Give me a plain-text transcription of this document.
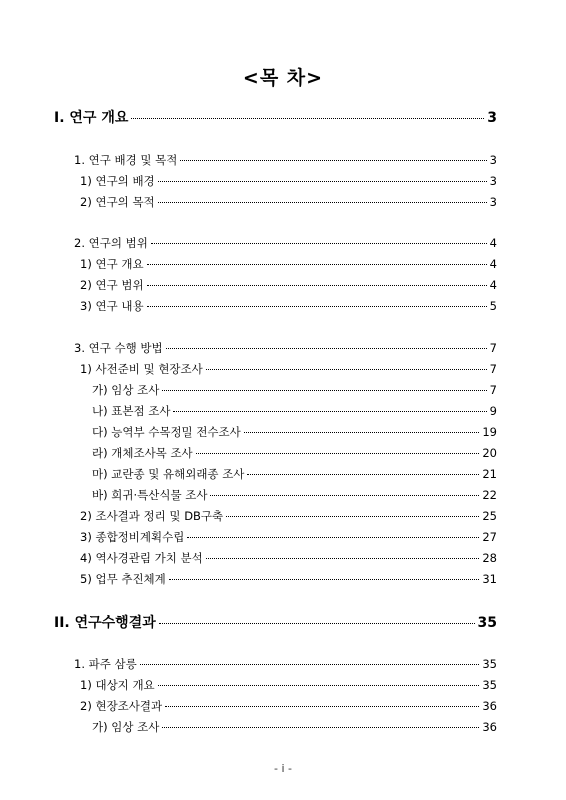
<목 차>
I. 연구 개요	3
1. 연구 배경 및 목적	3
1) 연구의 배경	3
2) 연구의 목적	3
2. 연구의 범위	4
1) 연구 개요	4
2) 연구 범위	4
3) 연구 내용	5
3. 연구 수행 방법	7
1) 사전준비 및 현장조사	7
가) 임상 조사	7
나) 표본점 조사	9
다) 능역부 수목정밀 전수조사	19
라) 개체조사목 조사	20
마) 교란종 및 유해외래종 조사	21
바) 희귀·특산식물 조사	22
2) 조사결과 정리 및 DB구축	25
3) 종합정비계획수립	27
4) 역사경관림 가치 분석	28
5) 업무 추진체계	31
II. 연구수행결과	35
1. 파주 삼릉	35
1) 대상지 개요	35
2) 현장조사결과	36
가) 임상 조사	36
- i -
